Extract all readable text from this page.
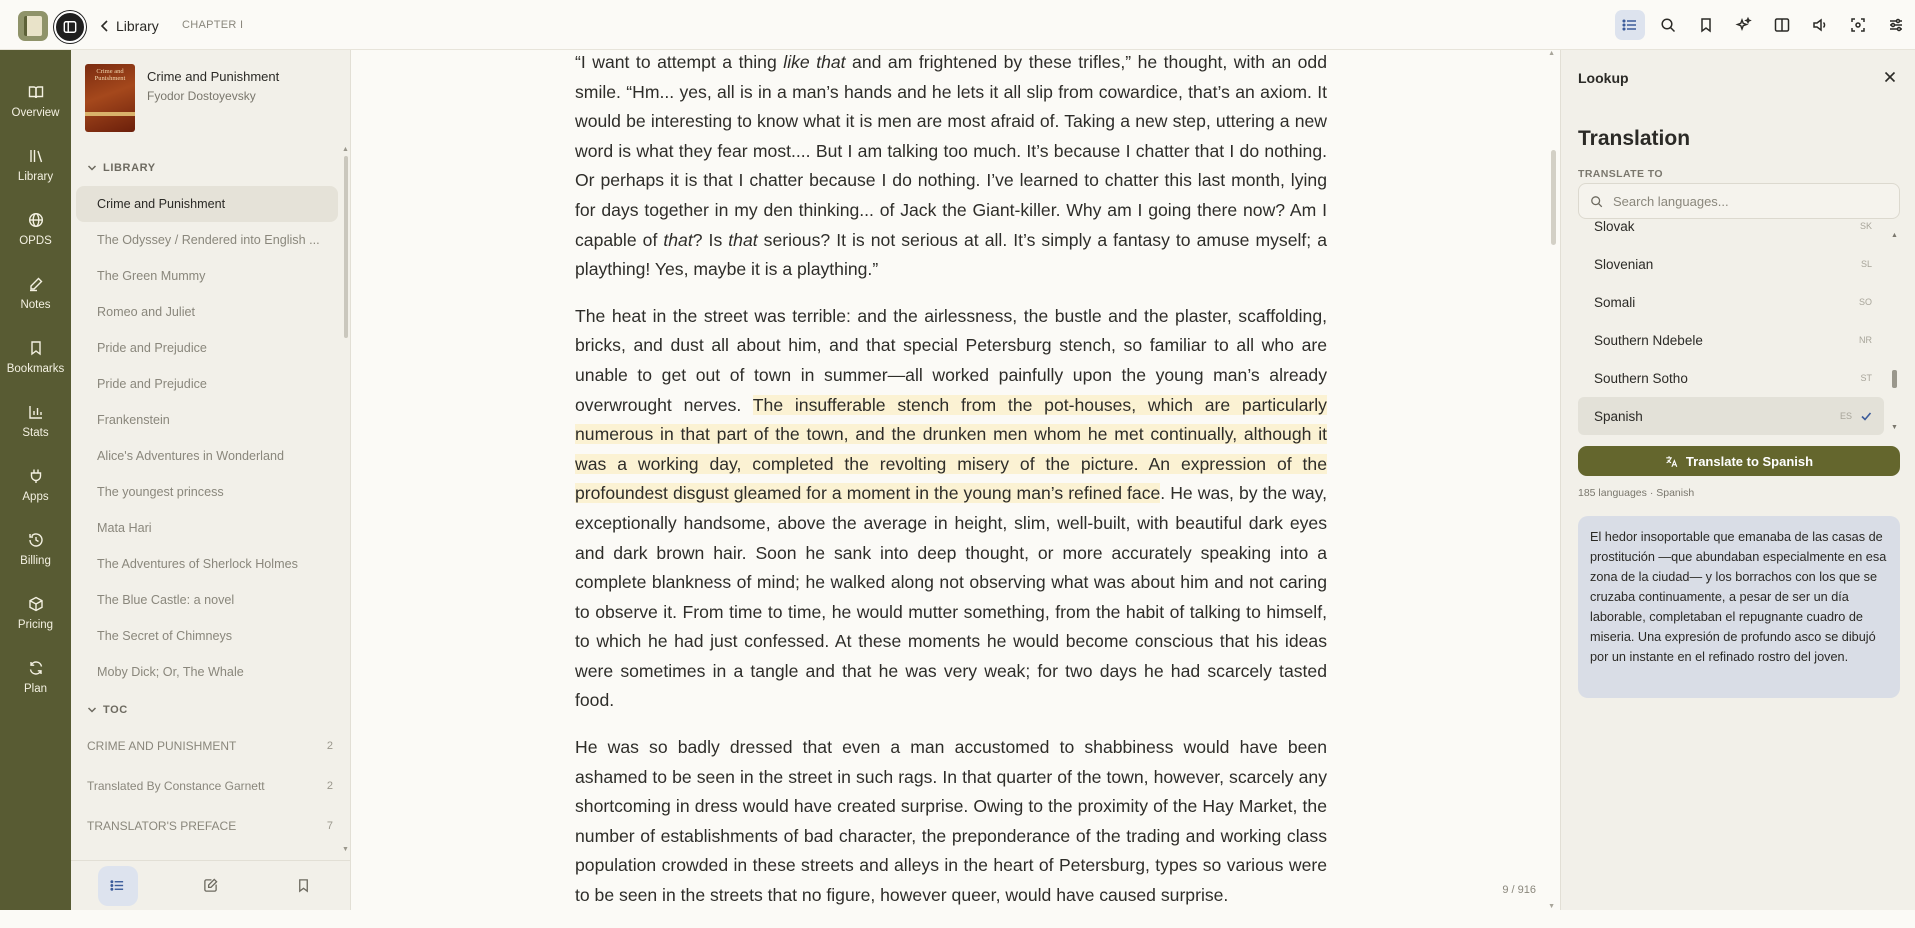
Library CHAPTER I
Overview
Library
OPDS
Notes
Bookmarks
Stats
Apps
Billing
Pricing
Plan
Crime and Punishment	Crime and Punishment
Fyodor Dostoyevsky
LIBRARY
Crime and Punishment
The Odyssey / Rendered into English ...
The Green Mummy
Romeo and Juliet
Pride and Prejudice
Pride and Prejudice
Frankenstein
Alice's Adventures in Wonderland
The youngest princess
Mata Hari
The Adventures of Sherlock Holmes
The Blue Castle: a novel
The Secret of Chimneys
Moby Dick; Or, The Whale
TOC
CRIME AND PUNISHMENT	2
Translated By Constance Garnett	2
TRANSLATOR'S PREFACE	7
▲
▼

“I want to attempt a thing like that and am frightened by these trifles,” he thought, with an odd smile. “Hm... yes, all is in a man’s hands and he lets it all slip from cowardice, that’s an axiom. It would be interesting to know what it is men are most afraid of. Taking a new step, uttering a new word is what they fear most.... But I am talking too much. It’s because I chatter that I do nothing. Or perhaps it is that I chatter because I do nothing. I’ve learned to chatter this last month, lying for days together in my den thinking... of Jack the Giant-killer. Why am I going there now? Am I capable of that? Is that serious? It is not serious at all. It’s simply a fantasy to amuse myself; a plaything! Yes, maybe it is a plaything.”

The heat in the street was terrible: and the airlessness, the bustle and the plaster, scaffolding, bricks, and dust all about him, and that special Petersburg stench, so familiar to all who are unable to get out of town in summer—all worked painfully upon the young man’s already overwrought nerves. The insufferable stench from the pot-houses, which are particularly numerous in that part of the town, and the drunken men whom he met continually, although it was a working day, completed the revolting misery of the picture. An expression of the profoundest disgust gleamed for a moment in the young man’s refined face. He was, by the way, exceptionally handsome, above the average in height, slim, well-built, with beautiful dark eyes and dark brown hair. Soon he sank into deep thought, or more accurately speaking into a complete blankness of mind; he walked along not observing what was about him and not caring to observe it. From time to time, he would mutter something, from the habit of talking to himself, to which he had just confessed. At these moments he would become conscious that his ideas were sometimes in a tangle and that he was very weak; for two days he had scarcely tasted food.

He was so badly dressed that even a man accustomed to shabbiness would have been ashamed to be seen in the street in such rags. In that quarter of the town, however, scarcely any shortcoming in dress would have created surprise. Owing to the proximity of the Hay Market, the number of establishments of bad character, the preponderance of the trading and working class population crowded in these streets and alleys in the heart of Petersburg, types so various were to be seen in the streets that no figure, however queer, would have caused surprise.

▲
▼
9 / 916
Lookup
Translation
TRANSLATE TO
Search languages...
Slovak	SK
Slovenian	SL
Somali	SO
Southern Ndebele	NR
Southern Sotho	ST
Spanish	ES
Translate to Spanish
185 languages · Spanish
El hedor insoportable que emanaba de las casas de prostitución —que abundaban especialmente en esa zona de la ciudad— y los borrachos con los que se cruzaba continuamente, a pesar de ser un día laborable, completaban el repugnante cuadro de miseria. Una expresión de profundo asco se dibujó por un instante en el refinado rostro del joven.
▲
▼
